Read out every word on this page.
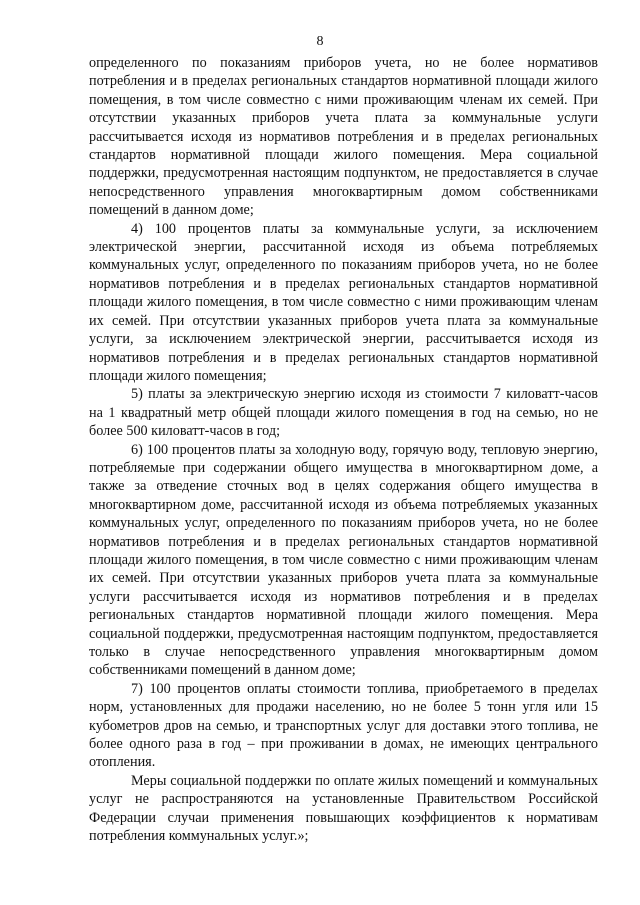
8

определенного по показаниям приборов учета, но не более нормативов потребления и в пределах региональных стандартов нормативной площади жилого помещения, в том числе совместно с ними проживающим членам их семей. При отсутствии указанных приборов учета плата за коммунальные услуги рассчитывается исходя из нормативов потребления и в пределах региональных стандартов нормативной площади жилого помещения. Мера социальной поддержки, предусмотренная настоящим подпунктом, не предоставляется в случае непосредственного управления многоквартирным домом собственниками помещений в данном доме;

4) 100 процентов платы за коммунальные услуги, за исключением электрической энергии, рассчитанной исходя из объема потребляемых коммунальных услуг, определенного по показаниям приборов учета, но не более нормативов потребления и в пределах региональных стандартов нормативной площади жилого помещения, в том числе совместно с ними проживающим членам их семей. При отсутствии указанных приборов учета плата за коммунальные услуги, за исключением электрической энергии, рассчитывается исходя из нормативов потребления и в пределах региональных стандартов нормативной площади жилого помещения;

5) платы за электрическую энергию исходя из стоимости 7 киловатт-часов на 1 квадратный метр общей площади жилого помещения в год на семью, но не более 500 киловатт-часов в год;

6) 100 процентов платы за холодную воду, горячую воду, тепловую энергию, потребляемые при содержании общего имущества в многоквартирном доме, а также за отведение сточных вод в целях содержания общего имущества в многоквартирном доме, рассчитанной исходя из объема потребляемых указанных коммунальных услуг, определенного по показаниям приборов учета, но не более нормативов потребления и в пределах региональных стандартов нормативной площади жилого помещения, в том числе совместно с ними проживающим членам их семей. При отсутствии указанных приборов учета плата за коммунальные услуги рассчитывается исходя из нормативов потребления и в пределах региональных стандартов нормативной площади жилого помещения. Мера социальной поддержки, предусмотренная настоящим подпунктом, предоставляется только в случае непосредственного управления многоквартирным домом собственниками помещений в данном доме;

7) 100 процентов оплаты стоимости топлива, приобретаемого в пределах норм, установленных для продажи населению, но не более 5 тонн угля или 15 кубометров дров на семью, и транспортных услуг для доставки этого топлива, не более одного раза в год – при проживании в домах, не имеющих центрального отопления.

Меры социальной поддержки по оплате жилых помещений и коммунальных услуг не распространяются на установленные Правительством Российской Федерации случаи применения повышающих коэффициентов к нормативам потребления коммунальных услуг.»;
